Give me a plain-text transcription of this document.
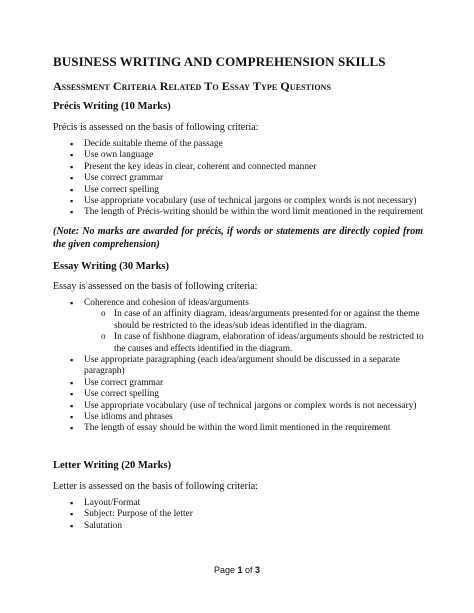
BUSINESS WRITING AND COMPREHENSION SKILLS
Assessment Criteria Related To Essay Type Questions
Précis Writing (10 Marks)
Précis is assessed on the basis of following criteria:
▪ Decide suitable theme of the passage
▪ Use own language
▪ Present the key ideas in clear, coherent and connected manner
▪ Use correct grammar
▪ Use correct spelling
▪ Use appropriate vocabulary (use of technical jargons or complex words is not necessary)
▪ The length of Précis-writing should be within the word limit mentioned in the requirement
(Note: No marks are awarded for précis, if words or statements are directly copied from the given comprehension)
Essay Writing (30 Marks)
Essay is assessed on the basis of following criteria:
▪ Coherence and cohesion of ideas/arguments
o In case of an affinity diagram, ideas/arguments presented for or against the theme should be restricted to the ideas/sub ideas identified in the diagram.
o In case of fishbone diagram, elaboration of ideas/arguments should be restricted to the causes and effects identified in the diagram.
▪ Use appropriate paragraphing (each idea/argument should be discussed in a separate paragraph)
▪ Use correct grammar
▪ Use correct spelling
▪ Use appropriate vocabulary (use of technical jargons or complex words is not necessary)
▪ Use idioms and phrases
▪ The length of essay should be within the word limit mentioned in the requirement
Letter Writing (20 Marks)
Letter is assessed on the basis of following criteria:
▪ Layout/Format
▪ Subject: Purpose of the letter
▪ Salutation
Page 1 of 3
